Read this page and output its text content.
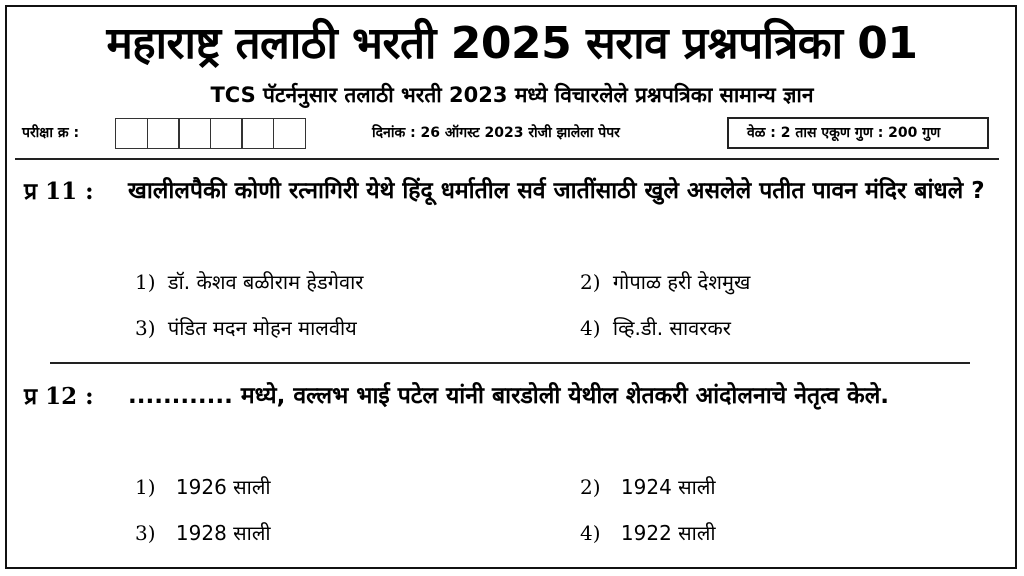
महाराष्ट्र तलाठी भरती 2025 सराव प्रश्नपत्रिका 01
TCS पॅटर्ननुसार तलाठी भरती 2023 मध्ये विचारलेले प्रश्नपत्रिका सामान्य ज्ञान
परीक्षा क्र :	दिनांक : 26 ऑगस्ट 2023 रोजी झालेला पेपर	वेळ : 2 तास एकूण गुण : 200 गुण
प्र 11 : खालीलपैकी कोणी रत्नागिरी येथे हिंदू धर्मातील सर्व जातींसाठी खुले असलेले पतीत पावन मंदिर बांधले ?
1) डॉ. केशव बळीराम हेडगेवार	2) गोपाळ हरी देशमुख
3) पंडित मदन मोहन मालवीय	4) व्हि.डी. सावरकर
प्र 12 : ............ मध्ये, वल्लभ भाई पटेल यांनी बारडोली येथील शेतकरी आंदोलनाचे नेतृत्व केले.
1) 1926 साली	2) 1924 साली
3) 1928 साली	4) 1922 साली
